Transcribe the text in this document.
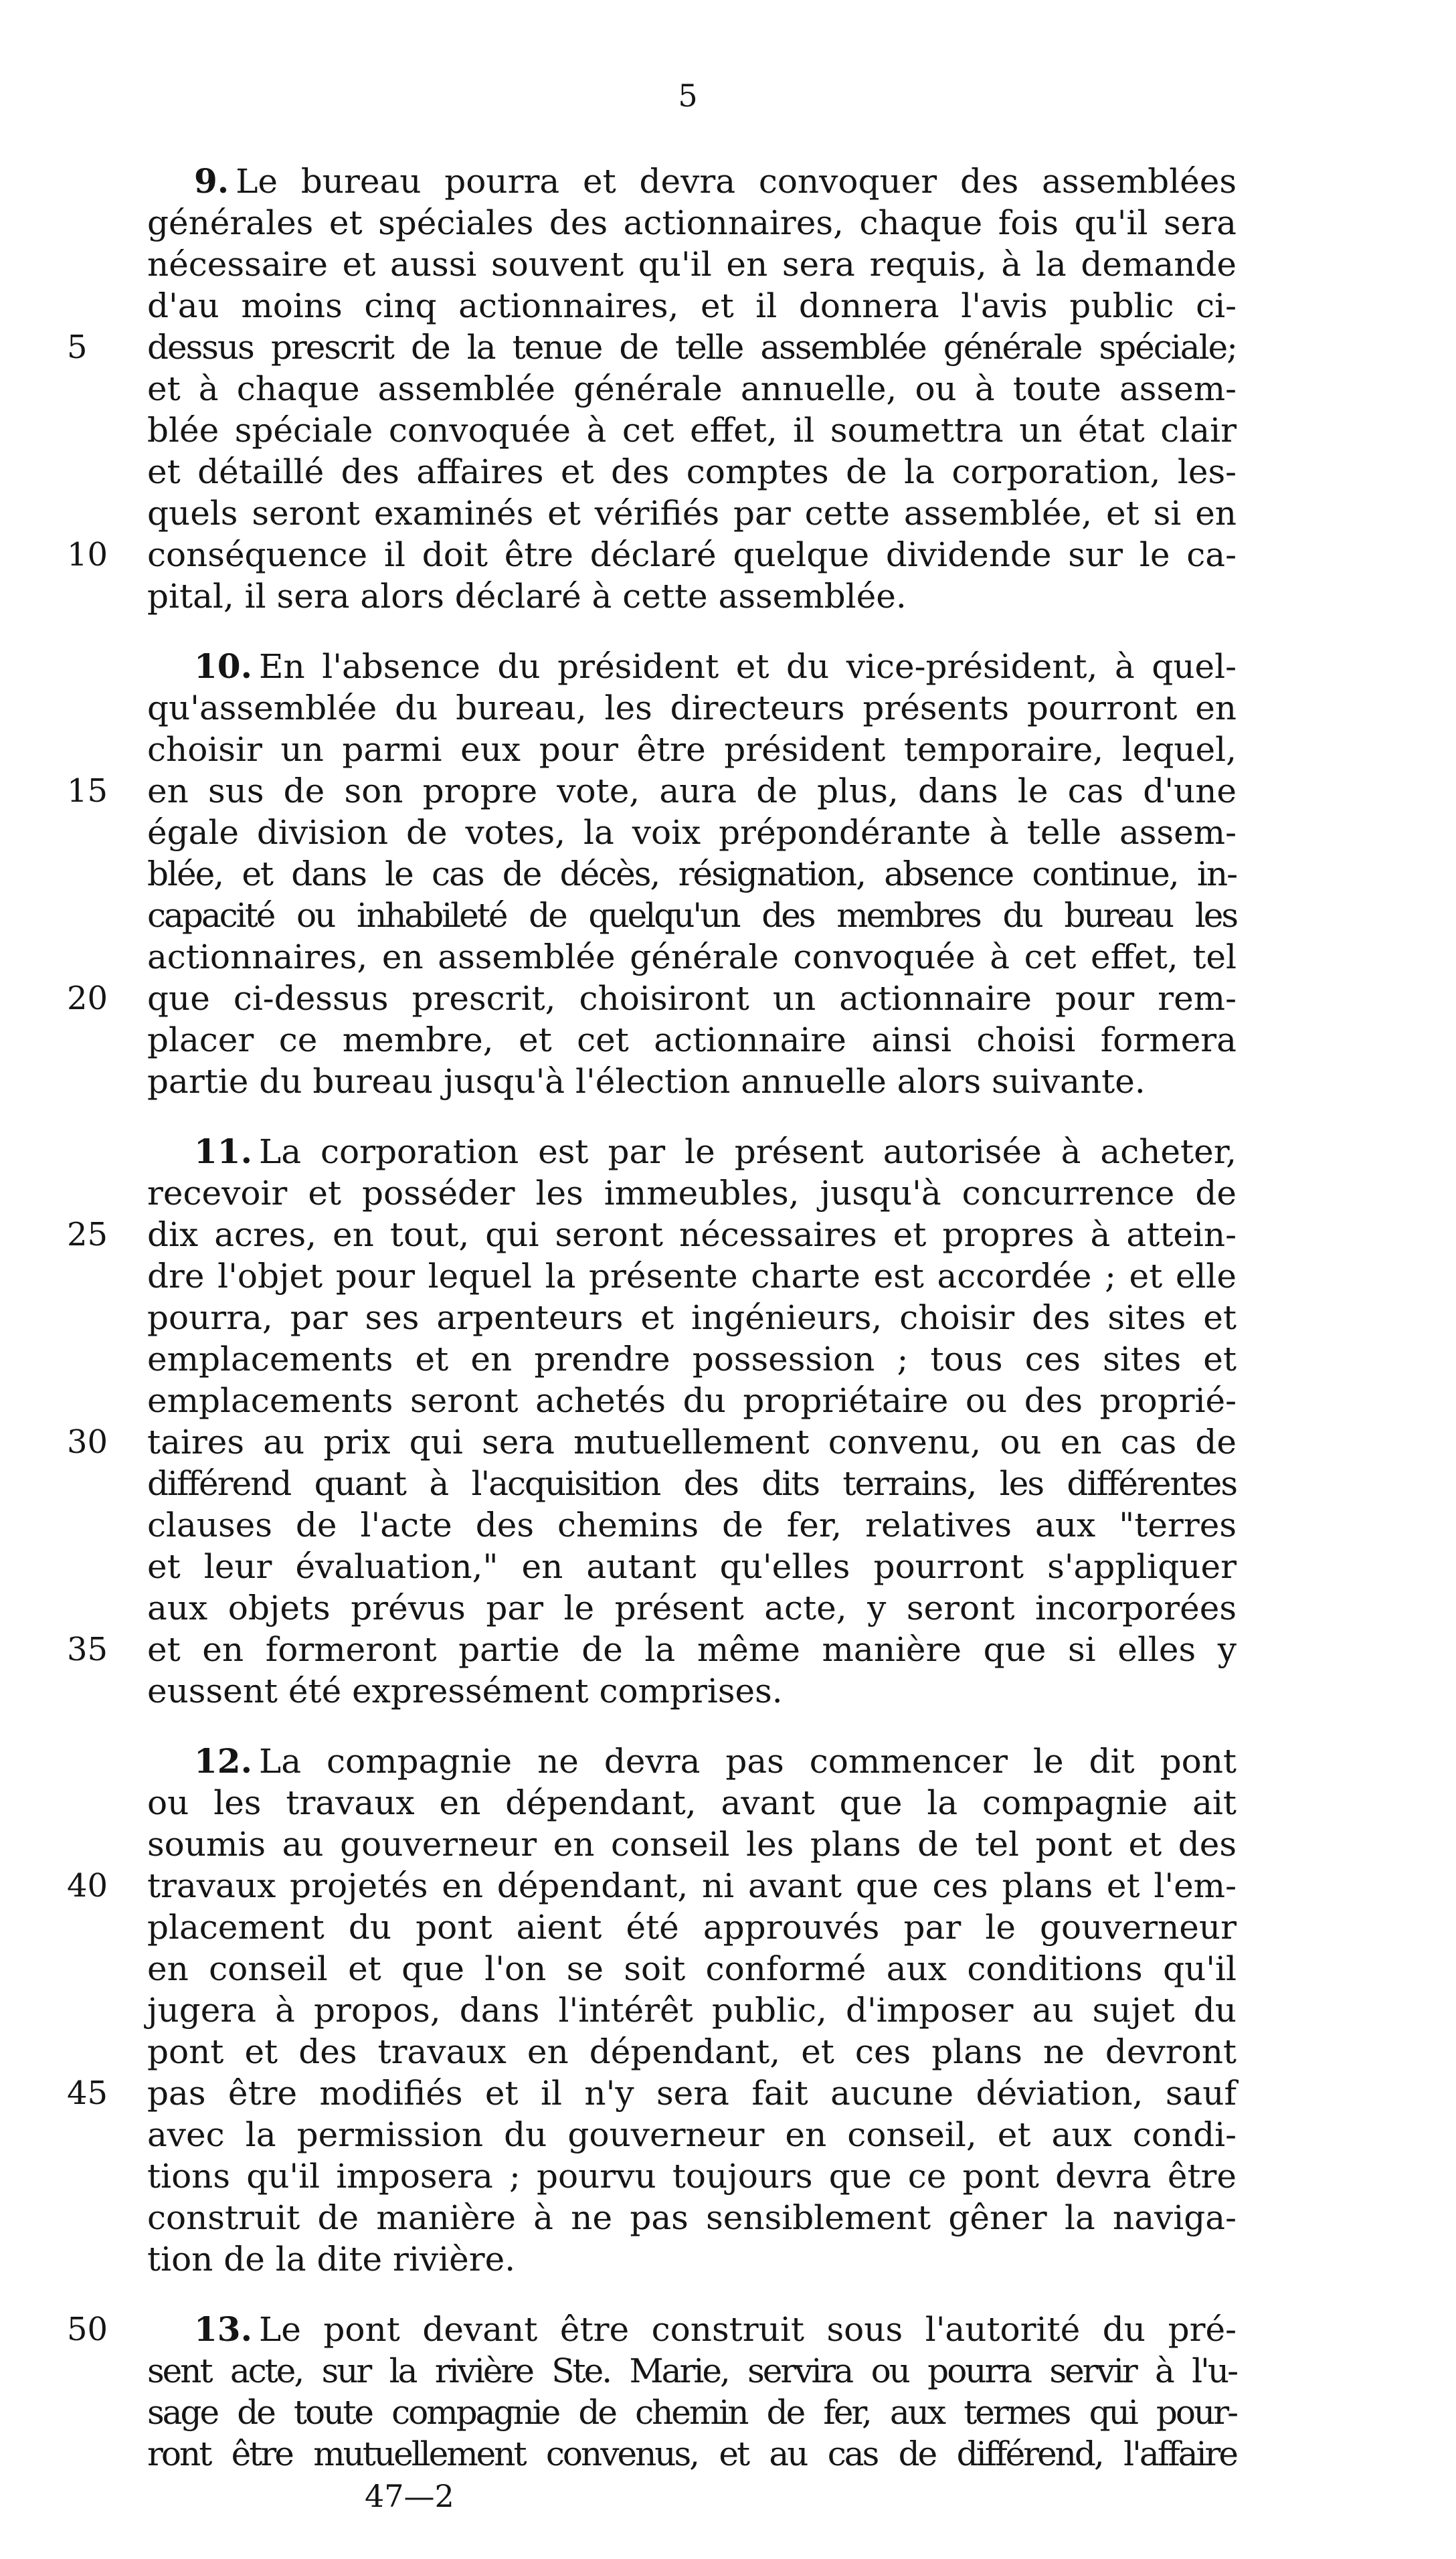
5
9. Le bureau pourra et devra convoquer des assemblées
générales et spéciales des actionnaires, chaque fois qu'il sera
nécessaire et aussi souvent qu'il en sera requis, à la demande
d'au moins cinq actionnaires, et il donnera l'avis public ci-
dessus prescrit de la tenue de telle assemblée générale spéciale;
et à chaque assemblée générale annuelle, ou à toute assem-
blée spéciale convoquée à cet effet, il soumettra un état clair
et détaillé des affaires et des comptes de la corporation, les-
quels seront examinés et vérifiés par cette assemblée, et si en
conséquence il doit être déclaré quelque dividende sur le ca-
pital, il sera alors déclaré à cette assemblée.
10. En l'absence du président et du vice-président, à quel-
qu'assemblée du bureau, les directeurs présents pourront en
choisir un parmi eux pour être président temporaire, lequel,
en sus de son propre vote, aura de plus, dans le cas d'une
égale division de votes, la voix prépondérante à telle assem-
blée, et dans le cas de décès, résignation, absence continue, in-
capacité ou inhabileté de quelqu'un des membres du bureau les
actionnaires, en assemblée générale convoquée à cet effet, tel
que ci-dessus prescrit, choisiront un actionnaire pour rem-
placer ce membre, et cet actionnaire ainsi choisi formera
partie du bureau jusqu'à l'élection annuelle alors suivante.
11. La corporation est par le présent autorisée à acheter,
recevoir et posséder les immeubles, jusqu'à concurrence de
dix acres, en tout, qui seront nécessaires et propres à attein-
dre l'objet pour lequel la présente charte est accordée ; et elle
pourra, par ses arpenteurs et ingénieurs, choisir des sites et
emplacements et en prendre possession ; tous ces sites et
emplacements seront achetés du propriétaire ou des proprié-
taires au prix qui sera mutuellement convenu, ou en cas de
différend quant à l'acquisition des dits terrains, les différentes
clauses de l'acte des chemins de fer, relatives aux "terres
et leur évaluation," en autant qu'elles pourront s'appliquer
aux objets prévus par le présent acte, y seront incorporées
et en formeront partie de la même manière que si elles y
eussent été expressément comprises.
12. La compagnie ne devra pas commencer le dit pont
ou les travaux en dépendant, avant que la compagnie ait
soumis au gouverneur en conseil les plans de tel pont et des
travaux projetés en dépendant, ni avant que ces plans et l'em-
placement du pont aient été approuvés par le gouverneur
en conseil et que l'on se soit conformé aux conditions qu'il
jugera à propos, dans l'intérêt public, d'imposer au sujet du
pont et des travaux en dépendant, et ces plans ne devront
pas être modifiés et il n'y sera fait aucune déviation, sauf
avec la permission du gouverneur en conseil, et aux condi-
tions qu'il imposera ; pourvu toujours que ce pont devra être
construit de manière à ne pas sensiblement gêner la naviga-
tion de la dite rivière.
13. Le pont devant être construit sous l'autorité du pré-
sent acte, sur la rivière Ste. Marie, servira ou pourra servir à l'u-
sage de toute compagnie de chemin de fer, aux termes qui pour-
ront être mutuellement convenus, et au cas de différend, l'affaire
5
10
15
20
25
30
35
40
45
50
47—2
